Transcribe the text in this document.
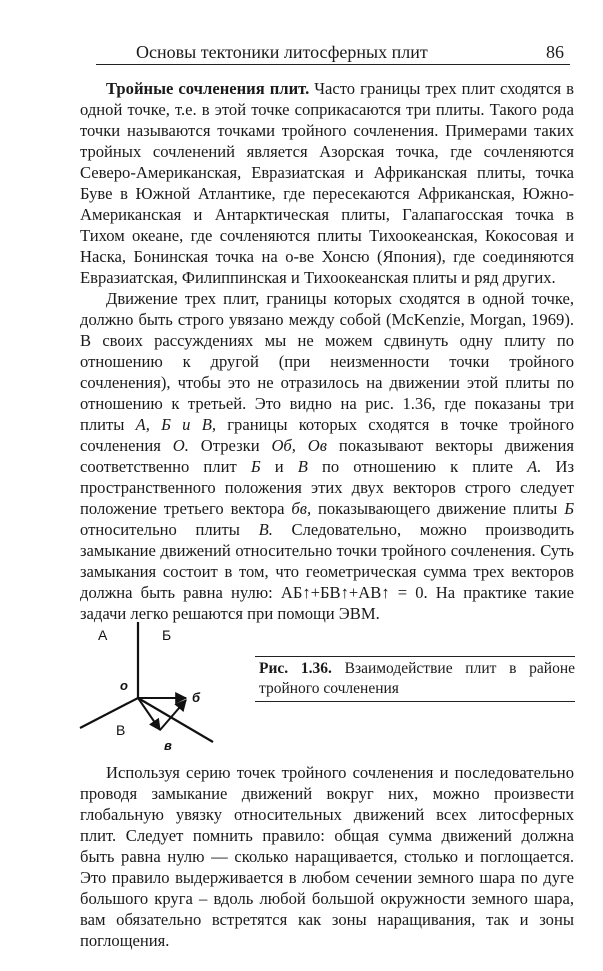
Основы тектоники литосферных плит	86

Тройные сочленения плит. Часто границы трех плит сходятся в одной точке, т.е. в этой точке соприкасаются три плиты. Такого рода точки называются точками тройного сочленения. Примерами таких тройных сочленений является Азорская точка, где сочленяются Северо-Американская, Евразиатская и Африканская плиты, точка Буве в Южной Атлантике, где пересекаются Африканская, Южно-Американская и Антарктическая плиты, Галапагосская точка в Тихом океане, где сочленяются плиты Тихоокеанская, Кокосовая и Наска, Бонинская точка на о-ве Хонсю (Япония), где соединяются Евразиатская, Филиппинская и Тихоокеанская плиты и ряд других.

Движение трех плит, границы которых сходятся в одной точке, должно быть строго увязано между собой (McKenzie, Morgan, 1969). В своих рассуждениях мы не можем сдвинуть одну плиту по отношению к другой (при неизменности точки тройного сочленения), чтобы это не отразилось на движении этой плиты по отношению к третьей. Это видно на рис. 1.36, где показаны три плиты А, Б и В, границы которых сходятся в точке тройного сочленения О. Отрезки Об, Ов показывают векторы движения соответственно плит Б и В по отношению к плите А. Из пространственного положения этих двух векторов строго следует положение третьего вектора бв, показывающего движение плиты Б относительно плиты В. Следовательно, можно производить замыкание движений относительно точки тройного сочленения. Суть замыкания состоит в том, что геометрическая сумма трех векторов должна быть равна нулю: АБ↑+БВ↑+АВ↑ = 0. На практике такие задачи легко решаются при помощи ЭВМ.

А	Б
В
о
б
в
Рис. 1.36. Взаимодействие плит в районе тройного сочленения

Используя серию точек тройного сочленения и последовательно проводя замыкание движений вокруг них, можно произвести глобальную увязку относительных движений всех литосферных плит. Следует помнить правило: общая сумма движений должна быть равна нулю — сколько наращивается, столько и поглощается. Это правило выдерживается в любом сечении земного шара по дуге большого круга – вдоль любой большой окружности земного шара, вам обязательно встретятся как зоны наращивания, так и зоны поглощения.
